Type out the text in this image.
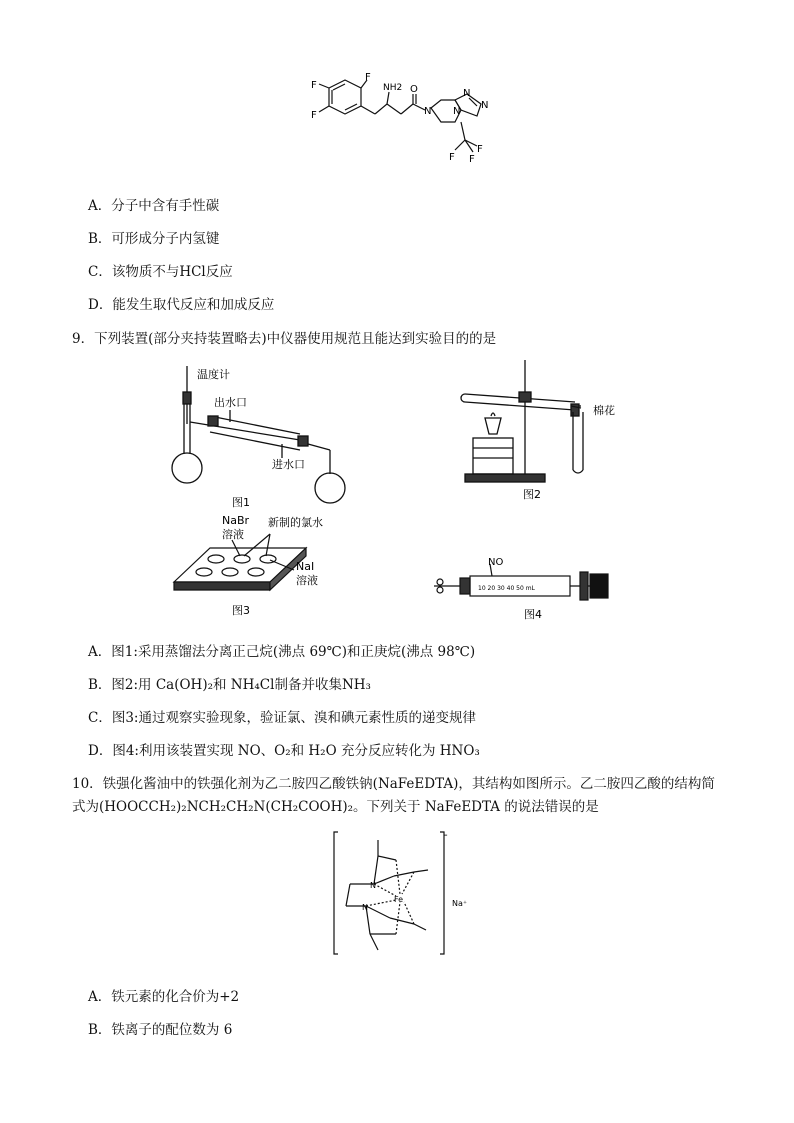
F
F
F
NH2 O
N
N
N
N
F F
F
A．分子中含有手性碳
B．可形成分子内氢键
C．该物质不与HCl反应
D．能发生取代反应和加成反应
9．下列装置(部分夹持装置略去)中仪器使用规范且能达到实验目的的是
温度计
出水口
进水口
图1
棉花
图2
NaBr
溶液
新制的氯水
NaI
溶液
图3
NO
10 20 30 40 50 mL
图4
A．图1:采用蒸馏法分离正己烷(沸点 69℃)和正庚烷(沸点 98℃)
B．图2:用 Ca(OH)₂和 NH₄Cl制备并收集NH₃
C．图3:通过观察实验现象，验证氯、溴和碘元素性质的递变规律
D．图4:利用该装置实现 NO、O₂和 H₂O 充分反应转化为 HNO₃
10．铁强化酱油中的铁强化剂为乙二胺四乙酸铁钠(NaFeEDTA)，其结构如图所示。乙二胺四乙酸的结构简
式为(HOOCCH₂)₂NCH₂CH₂N(CH₂COOH)₂。下列关于 NaFeEDTA 的说法错误的是
Fe
N
N	Na⁺
-
A．铁元素的化合价为+2
B．铁离子的配位数为 6
